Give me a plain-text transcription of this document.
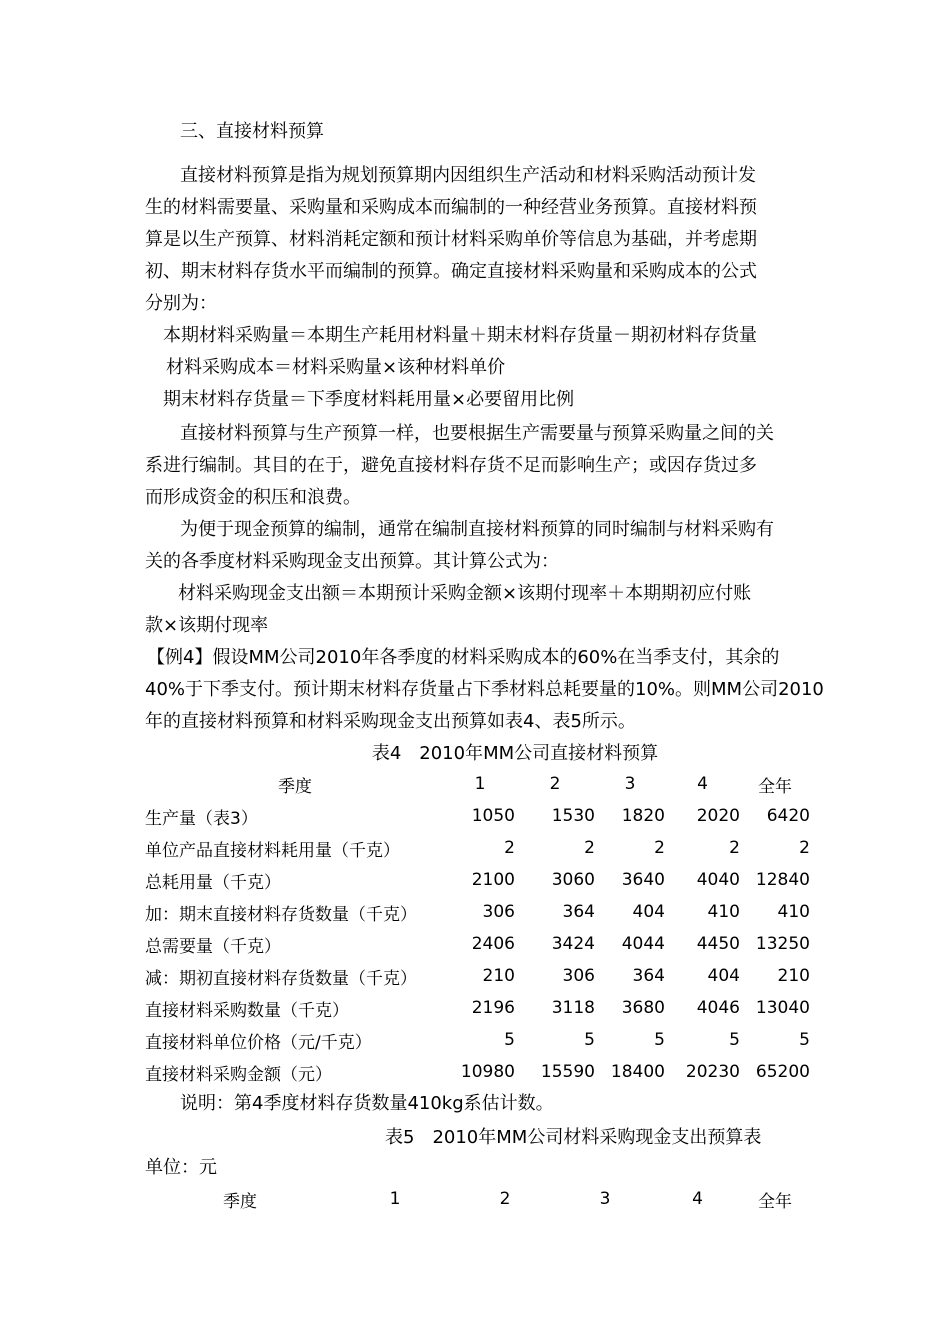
三、直接材料预算
直接材料预算是指为规划预算期内因组织生产活动和材料采购活动预计发
生的材料需要量、采购量和采购成本而编制的一种经营业务预算。直接材料预
算是以生产预算、材料消耗定额和预计材料采购单价等信息为基础，并考虑期
初、期末材料存货水平而编制的预算。确定直接材料采购量和采购成本的公式
分别为：
本期材料采购量＝本期生产耗用材料量＋期末材料存货量－期初材料存货量
材料采购成本＝材料采购量×该种材料单价
期末材料存货量＝下季度材料耗用量×必要留用比例
直接材料预算与生产预算一样，也要根据生产需要量与预算采购量之间的关
系进行编制。其目的在于，避免直接材料存货不足而影响生产；或因存货过多
而形成资金的积压和浪费。
为便于现金预算的编制，通常在编制直接材料预算的同时编制与材料采购有
关的各季度材料采购现金支出预算。其计算公式为：
材料采购现金支出额＝本期预计采购金额×该期付现率＋本期期初应付账
款×该期付现率
【例4】假设MM公司2010年各季度的材料采购成本的60%在当季支付，其余的
40%于下季支付。预计期末材料存货量占下季材料总耗要量的10%。则MM公司2010
年的直接材料预算和材料采购现金支出预算如表4、表5所示。
表4　2010年MM公司直接材料预算
季度	1	2	3	4	全年
生产量（表3）	1050	1530	1820	2020	6420
单位产品直接材料耗用量（千克）	2	2	2	2	2
总耗用量（千克）	2100	3060	3640	4040	12840
加：期末直接材料存货数量（千克）	306	364	404	410	410
总需要量（千克）	2406	3424	4044	4450	13250
减：期初直接材料存货数量（千克）	210	306	364	404	210
直接材料采购数量（千克）	2196	3118	3680	4046	13040
直接材料单位价格（元/千克）	5	5	5	5	5
直接材料采购金额（元）	10980	15590	18400	20230	65200
说明：第4季度材料存货数量410kg系估计数。
表5　2010年MM公司材料采购现金支出预算表
单位：元
季度	1	2	3	4	全年
